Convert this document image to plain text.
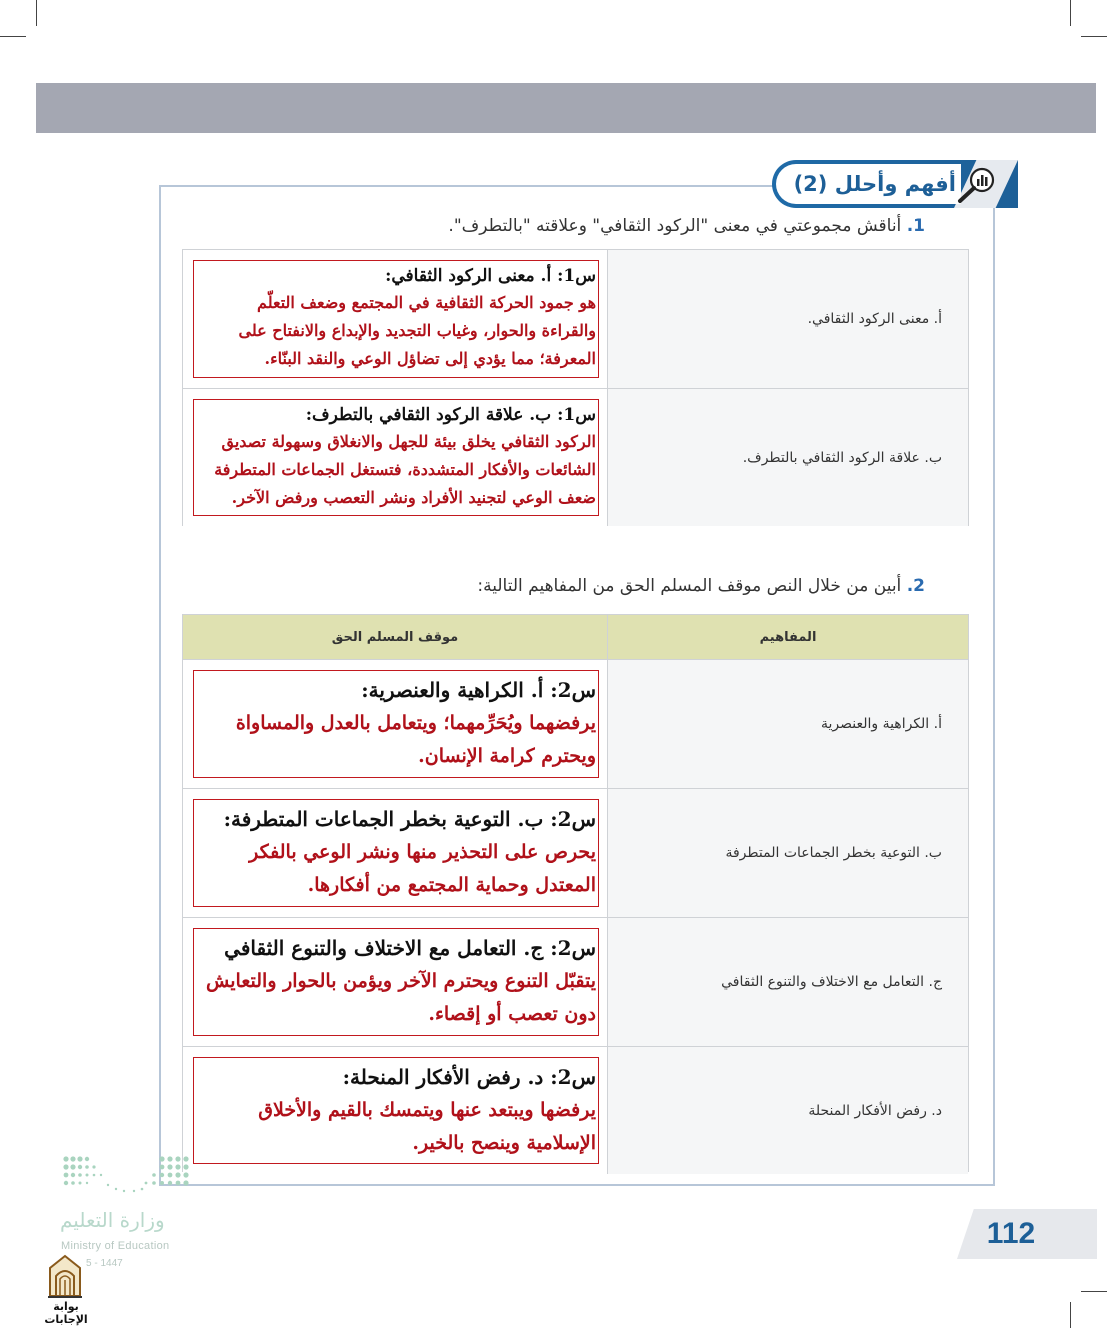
أفهم وأحلل (2)
1. أناقش مجموعتي في معنى "الركود الثقافي" وعلاقته "بالتطرف".
س1: أ. معنى الركود الثقافي:
هو جمود الحركة الثقافية في المجتمع وضعف التعلّم والقراءة والحوار، وغياب التجديد والإبداع والانفتاح على المعرفة؛ مما يؤدي إلى تضاؤل الوعي والنقد البنّاء.
أ. معنى الركود الثقافي.
س1: ب. علاقة الركود الثقافي بالتطرف:
الركود الثقافي يخلق بيئة للجهل والانغلاق وسهولة تصديق الشائعات والأفكار المتشددة، فتستغل الجماعات المتطرفة ضعف الوعي لتجنيد الأفراد ونشر التعصب ورفض الآخر.
ب. علاقة الركود الثقافي بالتطرف.
2. أبين من خلال النص موقف المسلم الحق من المفاهيم التالية:
موقف المسلم الحق	المفاهيم
س2: أ. الكراهية والعنصرية:
يرفضهما ويُحَرِّمهما؛ ويتعامل بالعدل والمساواة ويحترم كرامة الإنسان.
أ. الكراهية والعنصرية
س2: ب. التوعية بخطر الجماعات المتطرفة:
يحرص على التحذير منها ونشر الوعي بالفكر المعتدل وحماية المجتمع من أفكارها.
ب. التوعية بخطر الجماعات المتطرفة
س2: ج. التعامل مع الاختلاف والتنوع الثقافي
يتقبّل التنوع ويحترم الآخر ويؤمن بالحوار والتعايش دون تعصب أو إقصاء.
ج. التعامل مع الاختلاف والتنوع الثقافي
س2: د. رفض الأفكار المنحلة:
يرفضها ويبتعد عنها ويتمسك بالقيم والأخلاق الإسلامية وينصح بالخير.
د. رفض الأفكار المنحلة
112
وزارة التعليم
Ministry of Education
5 - 1447
بوابة الإجابات
